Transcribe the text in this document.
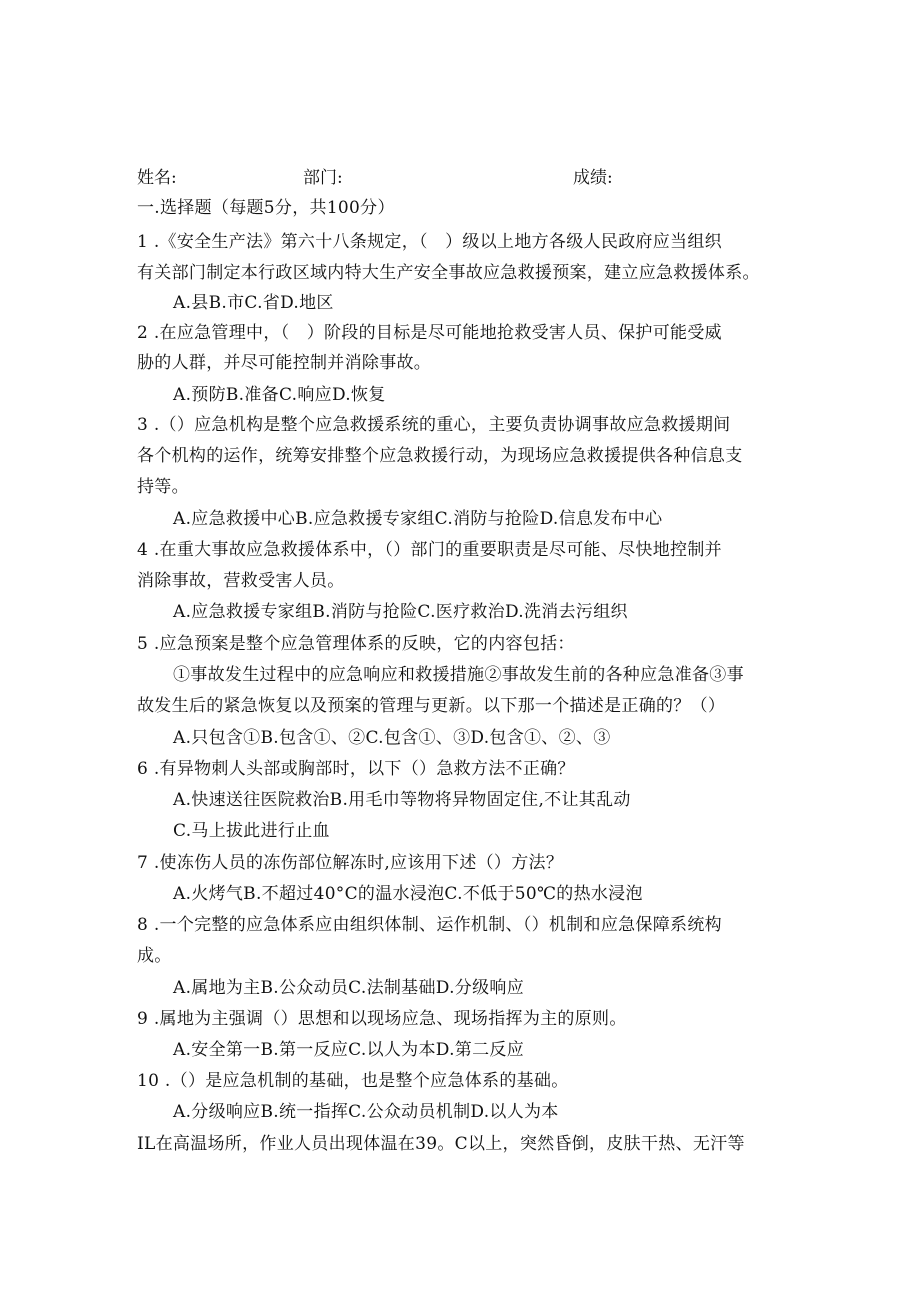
姓名:	部门:	成绩:
一.选择题（每题5分，共100分）
1 .《安全生产法》第六十八条规定，（　）级以上地方各级人民政府应当组织
有关部门制定本行政区域内特大生产安全事故应急救援预案，建立应急救援体系。
A.县B.市C.省D.地区
2 .在应急管理中，（　）阶段的目标是尽可能地抢救受害人员、保护可能受威
胁的人群，并尽可能控制并消除事故。
A.预防B.准备C.响应D.恢复
3 .（）应急机构是整个应急救援系统的重心，主要负责协调事故应急救援期间
各个机构的运作，统筹安排整个应急救援行动，为现场应急救援提供各种信息支
持等。
A.应急救援中心B.应急救援专家组C.消防与抢险D.信息发布中心
4 .在重大事故应急救援体系中，（）部门的重要职责是尽可能、尽快地控制并
消除事故，营救受害人员。
A.应急救援专家组B.消防与抢险C.医疗救治D.洗消去污组织
5 .应急预案是整个应急管理体系的反映，它的内容包括：
①事故发生过程中的应急响应和救援措施②事故发生前的各种应急准备③事
故发生后的紧急恢复以及预案的管理与更新。以下那一个描述是正确的？（）
A.只包含①B.包含①、②C.包含①、③D.包含①、②、③
6 .有异物刺人头部或胸部时，以下（）急救方法不正确？
A.快速送往医院救治B.用毛巾等物将异物固定住,不让其乱动
C.马上拔此进行止血
7 .使冻伤人员的冻伤部位解冻时,应该用下述（）方法？
A.火烤气B.不超过40°C的温水浸泡C.不低于50℃的热水浸泡
8 .一个完整的应急体系应由组织体制、运作机制、（）机制和应急保障系统构
成。
A.属地为主B.公众动员C.法制基础D.分级响应
9 .属地为主强调（）思想和以现场应急、现场指挥为主的原则。
A.安全第一B.第一反应C.以人为本D.第二反应
10 .（）是应急机制的基础，也是整个应急体系的基础。
A.分级响应B.统一指挥C.公众动员机制D.以人为本
IL在高温场所，作业人员出现体温在39。C以上，突然昏倒，皮肤干热、无汗等
